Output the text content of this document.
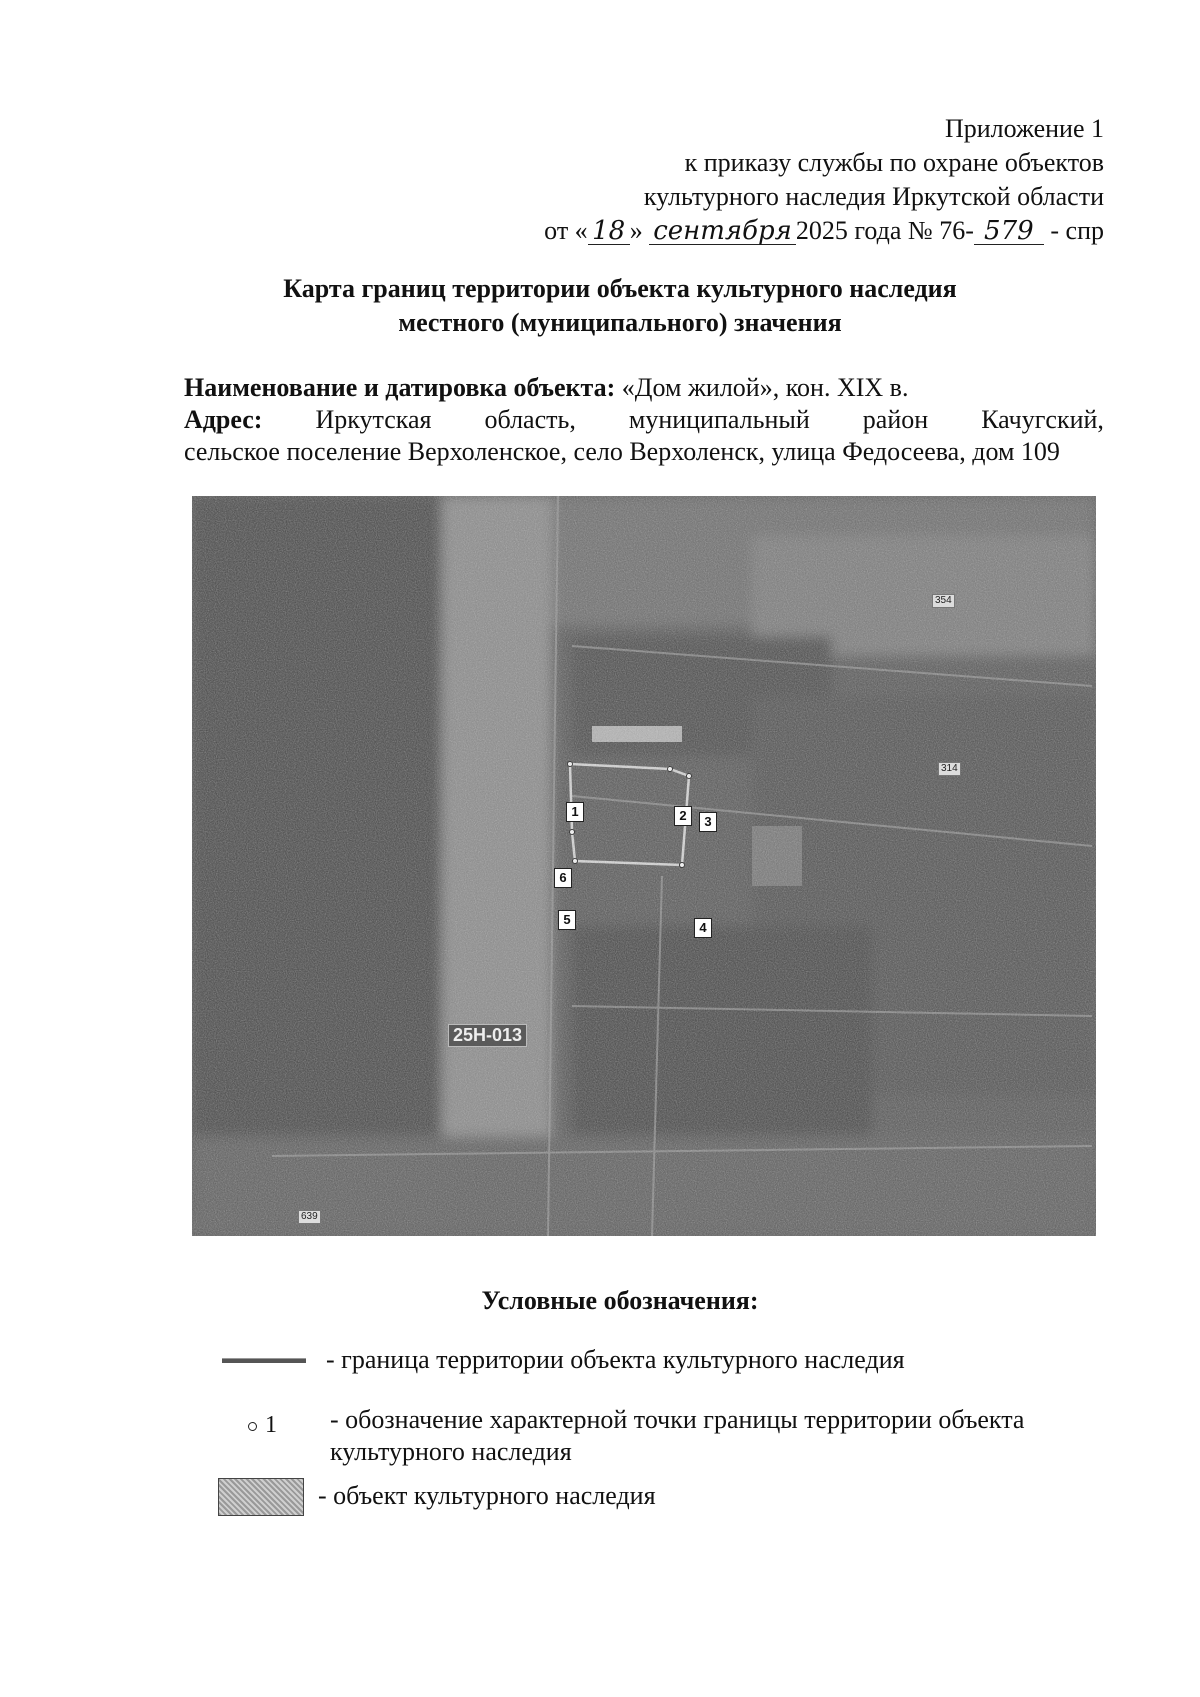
Приложение 1
к приказу службы по охране объектов
культурного наследия Иркутской области
от « 18 » сентября 2025 года № 76- 579 - спр
Карта границ территории объекта культурного наследия
местного (муниципального) значения
Наименование и датировка объекта: «Дом жилой», кон. XIX в.
Адрес: Иркутская область, муниципальный район Качугский,
сельское поселение Верхоленское, село Верхоленск, улица Федосеева, дом 109
1	2	3
4
5
6
25Н-013
354
314
639
Условные обозначения:
- граница территории объекта культурного наследия
1 - обозначение характерной точки границы территории объекта
культурного наследия
- объект культурного наследия
